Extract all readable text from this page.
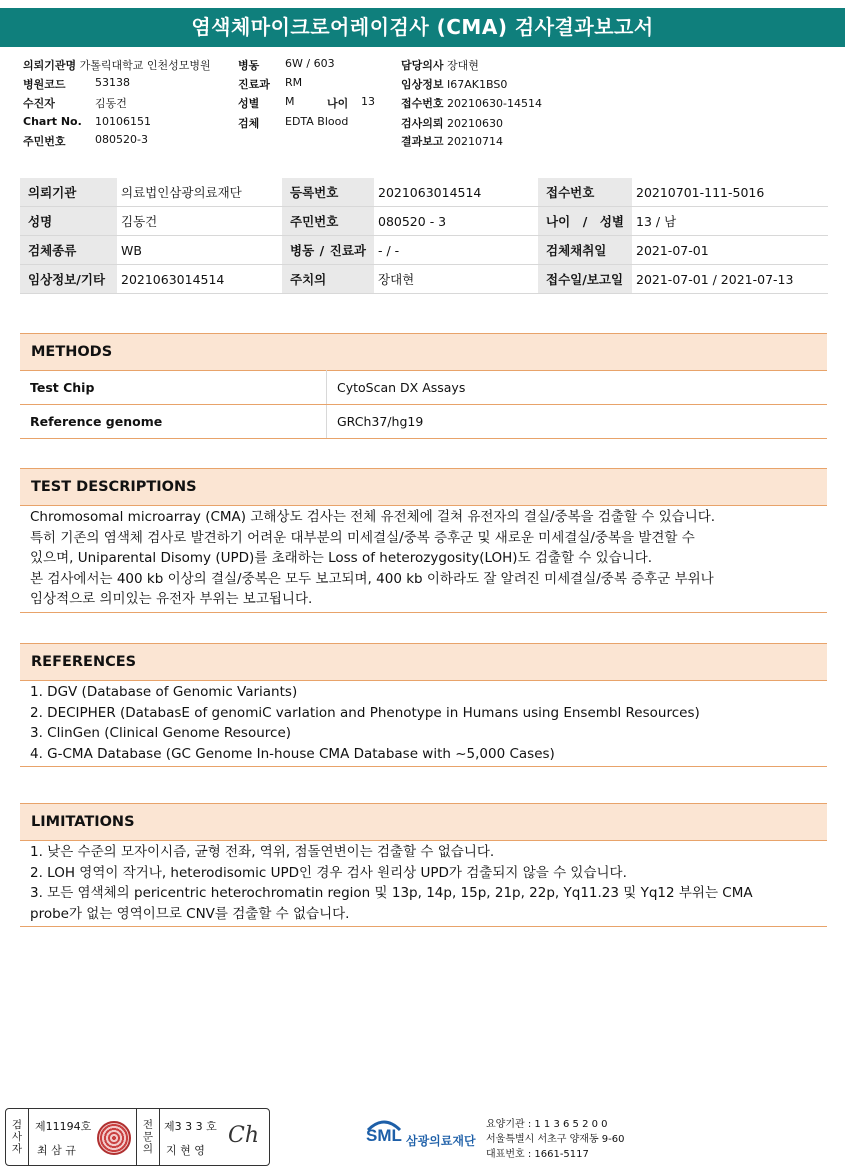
염색체마이크로어레이검사 (CMA) 검사결과보고서
의뢰기관명 가톨릭대학교 인천성모병원
병원코드	53138
수진자	김동건
Chart No. 10106151
주민번호	080520-3
병동 6W / 603
진료과 RM
성별 M	나이 13
검체 EDTA Blood
담당의사 장대현
임상정보 I67AK1BS0
접수번호 20210630-14514
검사의뢰 20210630
결과보고 20210714
의뢰기관	의료법인삼광의료재단	등록번호	2021063014514	접수번호	20210701-111-5016
성명	김동건	주민번호	080520 - 3	나이 / 성별	13 / 남
검체종류	WB	병동 / 진료과	- / -	검체채취일	2021-07-01
임상정보/기타	2021063014514	주치의	장대현	접수일/보고일	2021-07-01 / 2021-07-13
METHODS
Test Chip	CytoScan DX Assays
Reference genome	GRCh37/hg19
TEST DESCRIPTIONS
Chromosomal microarray (CMA) 고해상도 검사는 전체 유전체에 걸쳐 유전자의 결실/중복을 검출할 수 있습니다.
특히 기존의 염색체 검사로 발견하기 어려운 대부분의 미세결실/중복 증후군 및 새로운 미세결실/중복을 발견할 수
있으며, Uniparental Disomy (UPD)를 초래하는 Loss of heterozygosity(LOH)도 검출할 수 있습니다.
본 검사에서는 400 kb 이상의 결실/중복은 모두 보고되며, 400 kb 이하라도 잘 알려진 미세결실/중복 증후군 부위나
임상적으로 의미있는 유전자 부위는 보고됩니다.
REFERENCES
1. DGV (Database of Genomic Variants)
2. DECIPHER (DatabasE of genomiC varIation and Phenotype in Humans using Ensembl Resources)
3. ClinGen (Clinical Genome Resource)
4. G-CMA Database (GC Genome In-house CMA Database with ~5,000 Cases)
LIMITATIONS
1. 낮은 수준의 모자이시즘, 균형 전좌, 역위, 점돌연변이는 검출할 수 없습니다.
2. LOH 영역이 작거나, heterodisomic UPD인 경우 검사 원리상 UPD가 검출되지 않을 수 있습니다.
3. 모든 염색체의 pericentric heterochromatin region 및 13p, 14p, 15p, 21p, 22p, Yq11.23 및 Yq12 부위는 CMA
probe가 없는 영역이므로 CNV를 검출할 수 없습니다.
검
사
자
제11194호
최 삼 규
전
문
의
제3 3 3 호
지 현 영
Ch	SML 삼광의료재단
요양기관 : 1 1 3 6 5 2 0 0
서울특별시 서초구 양재동 9-60
대표번호 : 1661-5117
